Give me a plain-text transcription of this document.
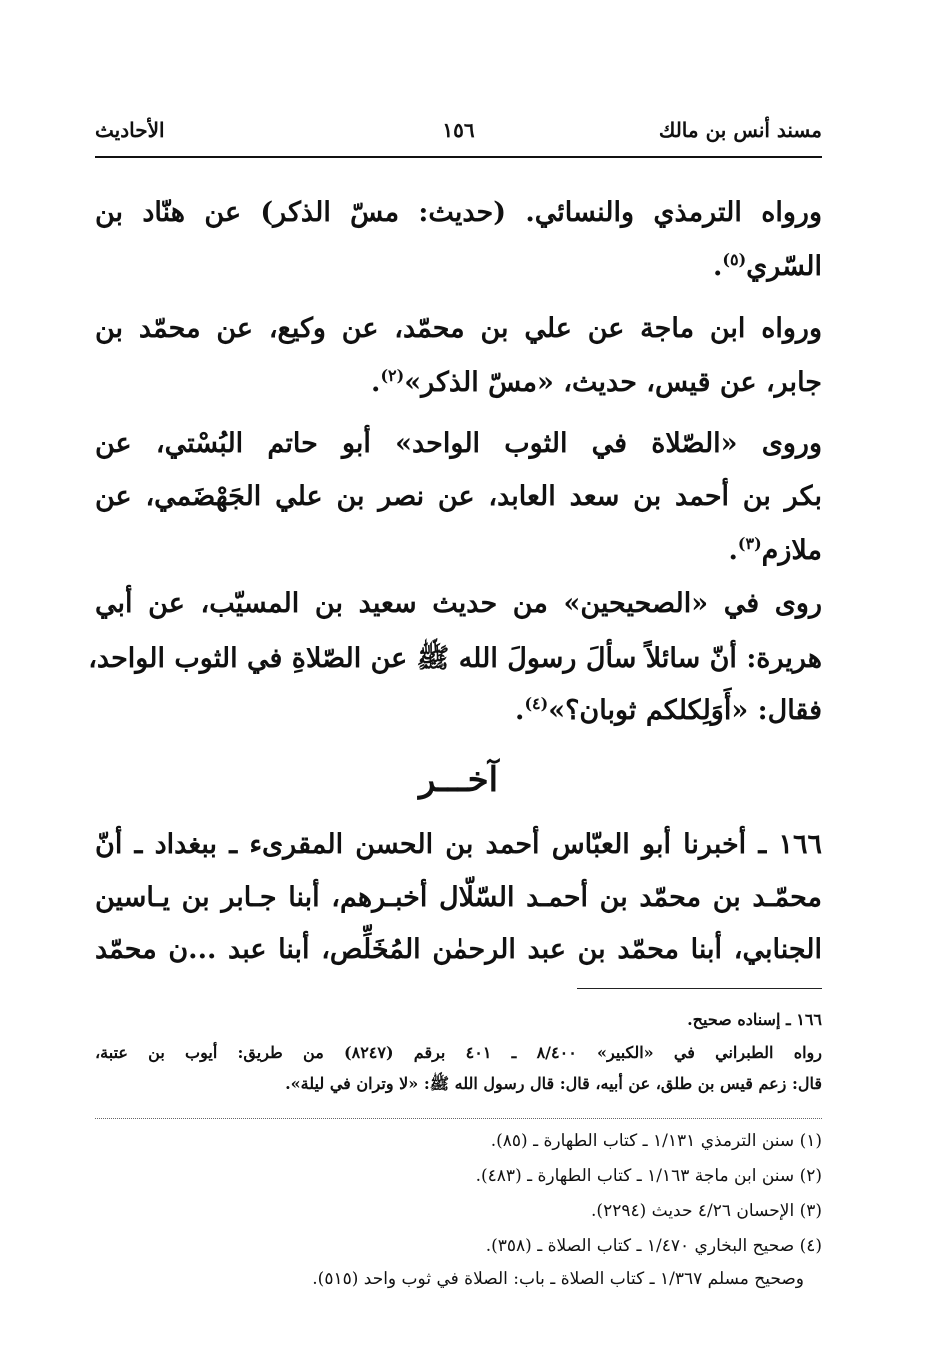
مسند أنس بن مالك
١٥٦
الأحاديث
ورواه الترمذي والنسائي. (حديث: مسّ الذكر) عن هنّاد بن
السّري$^{(٥)}$.
ورواه ابن ماجة عن علي بن محمّد، عن وكيع، عن محمّد بن
جابر، عن قيس، حديث، «مسّ الذكر»$^{(٢)}$.
وروى «الصّلاة في الثوب الواحد» أبو حاتم البُسْتي، عن
بكر بن أحمد بن سعد العابد، عن نصر بن علي الجَهْضَمي، عن
ملازم$^{(٣)}$.
روى في «الصحيحين» من حديث سعيد بن المسيّب، عن أبي
هريرة: أنّ سائلاً سألَ رسولَ الله ﷺ عن الصّلاةِ في الثوب الواحد،
فقال: «أَوَلِكلكم ثوبان؟»$^{(٤)}$.
آخـــر
١٦٦ ـ أخبرنا أبو العبّاس أحمد بن الحسن المقرىء ـ ببغداد ـ أنّ
محمّـد بن محمّد بن أحمـد السّلّال أخبـرهم، أبنا جـابر بن يـاسين
الجنابي، أبنا محمّد بن عبد الرحمٰن المُخَلِّص، أبنا عبد ...ن محمّد
١٦٦ ـ إسناده صحيح.
رواه الطبراني في «الكبير» ٨/٤٠٠ ـ ٤٠١ برقم (٨٢٤٧) من طريق: أيوب بن عتبة،
قال: زعم قيس بن طلق، عن أبيه، قال: قال رسول الله ﷺ: «لا وتران في ليلة».
(١) سنن الترمذي ١/١٣١ ـ كتاب الطهارة ـ (٨٥).
(٢) سنن ابن ماجة ١/١٦٣ ـ كتاب الطهارة ـ (٤٨٣).
(٣) الإحسان ٤/٢٦ حديث (٢٢٩٤).
(٤) صحيح البخاري ١/٤٧٠ ـ كتاب الصلاة ـ (٣٥٨).
وصحيح مسلم ١/٣٦٧ ـ كتاب الصلاة ـ باب: الصلاة في ثوب واحد (٥١٥).
